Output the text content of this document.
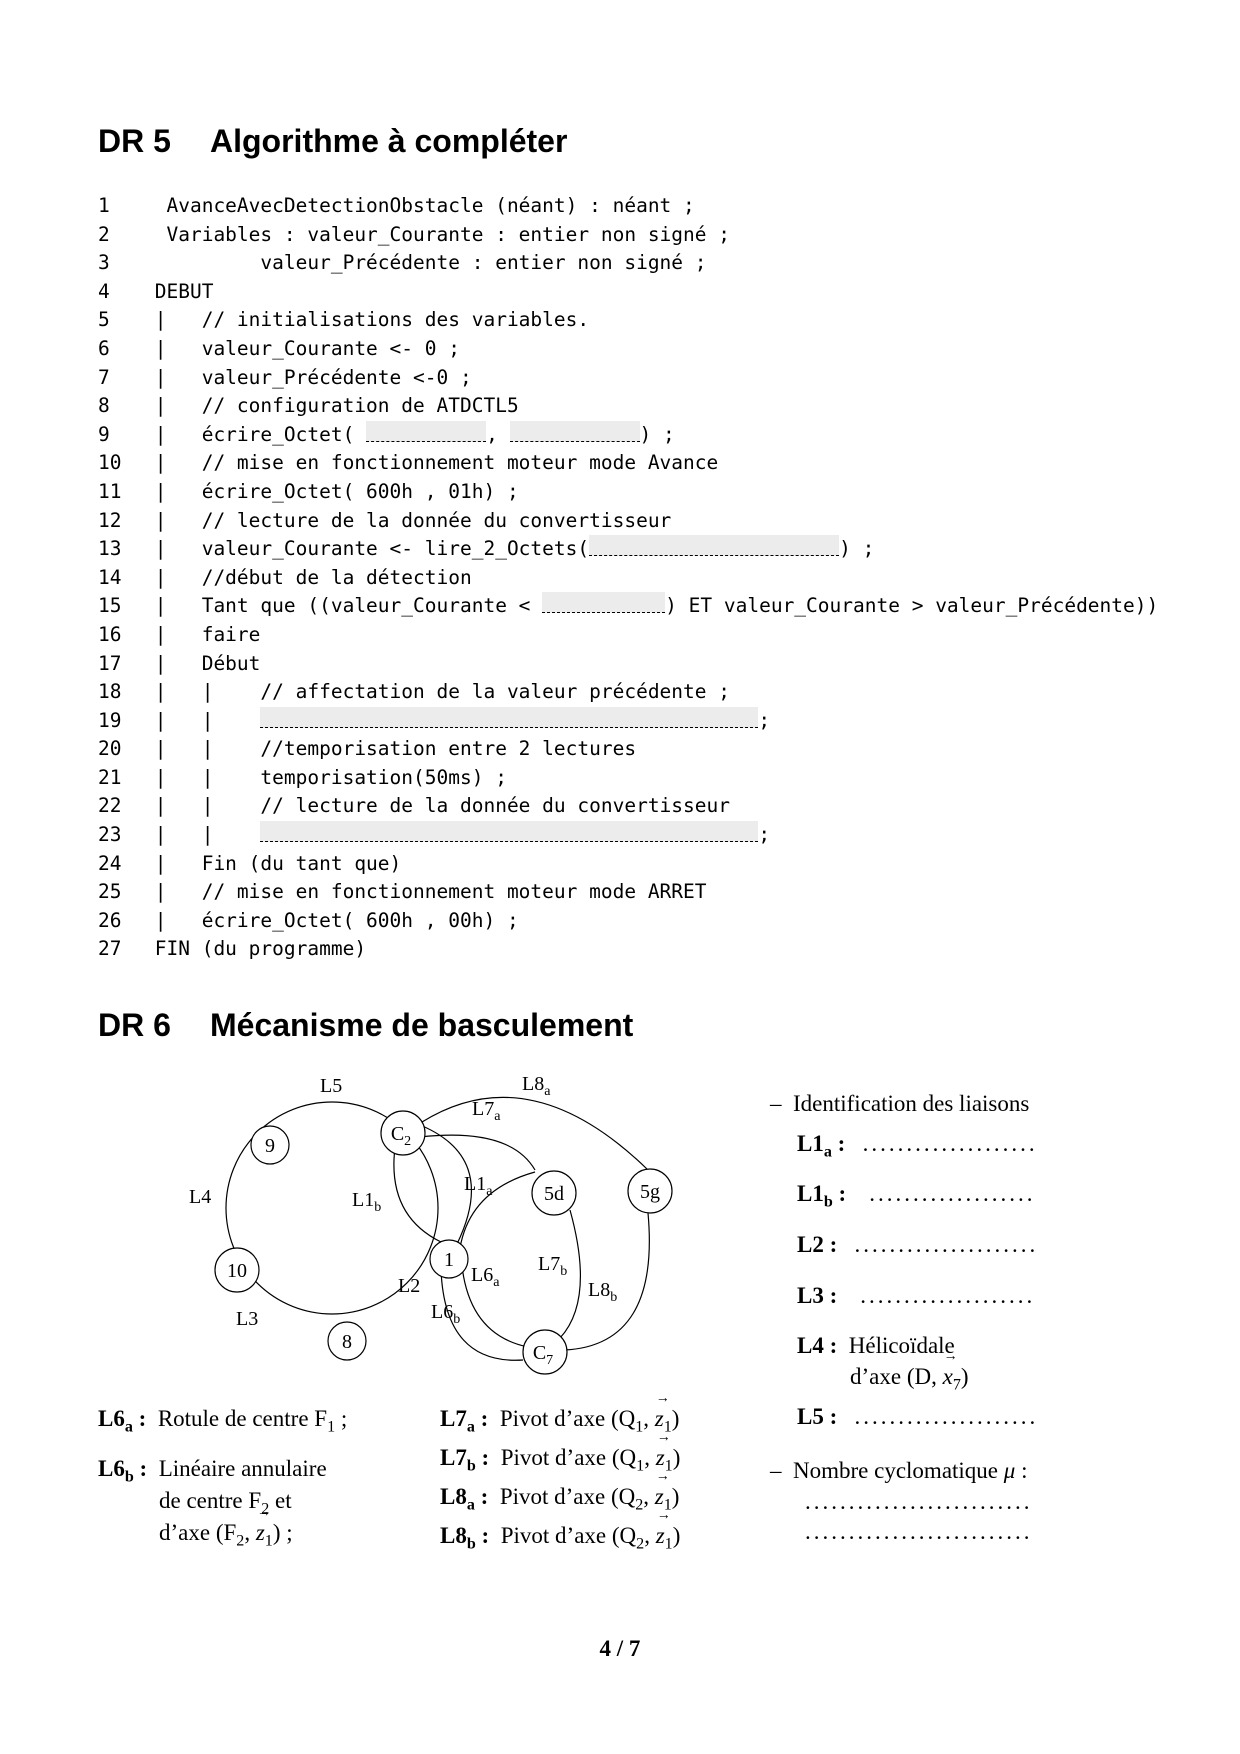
DR 5 Algorithme à compléter
1	AvanceAvecDetectionObstacle (néant) : néant ;
2	Variables : valeur_Courante : entier non signé ;
3	valeur_Précédente : entier non signé ;
4	DEBUT
5	|   // initialisations des variables.
6	|   valeur_Courante <- 0 ;
7	|   valeur_Précédente <-0 ;
8	|   // configuration de ATDCTL5
9	|   écrire_Octet(	,	) ;
10	|   // mise en fonctionnement moteur mode Avance
11	|   écrire_Octet( 600h , 01h) ;
12	|   // lecture de la donnée du convertisseur
13	|   valeur_Courante <- lire_2_Octets(	) ;
14	|   //début de la détection
15	|   Tant que ((valeur_Courante <	) ET valeur_Courante > valeur_Précédente))
16	|   faire
17	|   Début
18	|   |    // affectation de la valeur précédente ;
19	|   |	;
20	|   |    //temporisation entre 2 lectures
21	|   |    temporisation(50ms) ;
22	|   |    // lecture de la donnée du convertisseur
23	|   |	;
24	|   Fin (du tant que)
25	|   // mise en fonctionnement moteur mode ARRET
26	|   écrire_Octet( 600h , 00h) ;
27	FIN (du programme)
DR 6 Mécanisme de basculement
9
$C_2$
5d	5g
10	1
8	$C_7$
L5	$L8_a$
$L7_a$
L4
$L1_a$
$L1_b$
$L7_b$
$L6_a$
L2	$L8_b$
L3	$L6_b$
$L6_a$ : Rotule de centre $F_1$ ;
$L6_b$ : Linéaire annulaire
de centre $F_2$ et
d’axe ($F_2$, → $z_1$) ;
$L7_a$ : Pivot d’axe ($Q_1$, → $z_1$)
$L7_b$ : Pivot d’axe ($Q_1$, → $z_1$)
$L8_a$ : Pivot d’axe ($Q_2$, → $z_1$)
$L8_b$ : Pivot d’axe ($Q_2$, → $z_1$)
– Identification des liaisons
$L1_a$ : ....................
$L1_b$ : ...................
L2 : .....................
L3 : ....................
L4 : Hélicoïdale
d’axe (D, → $x_7$)
L5 : .....................
– Nombre cyclomatique μ :
..........................
..........................
4 / 7
